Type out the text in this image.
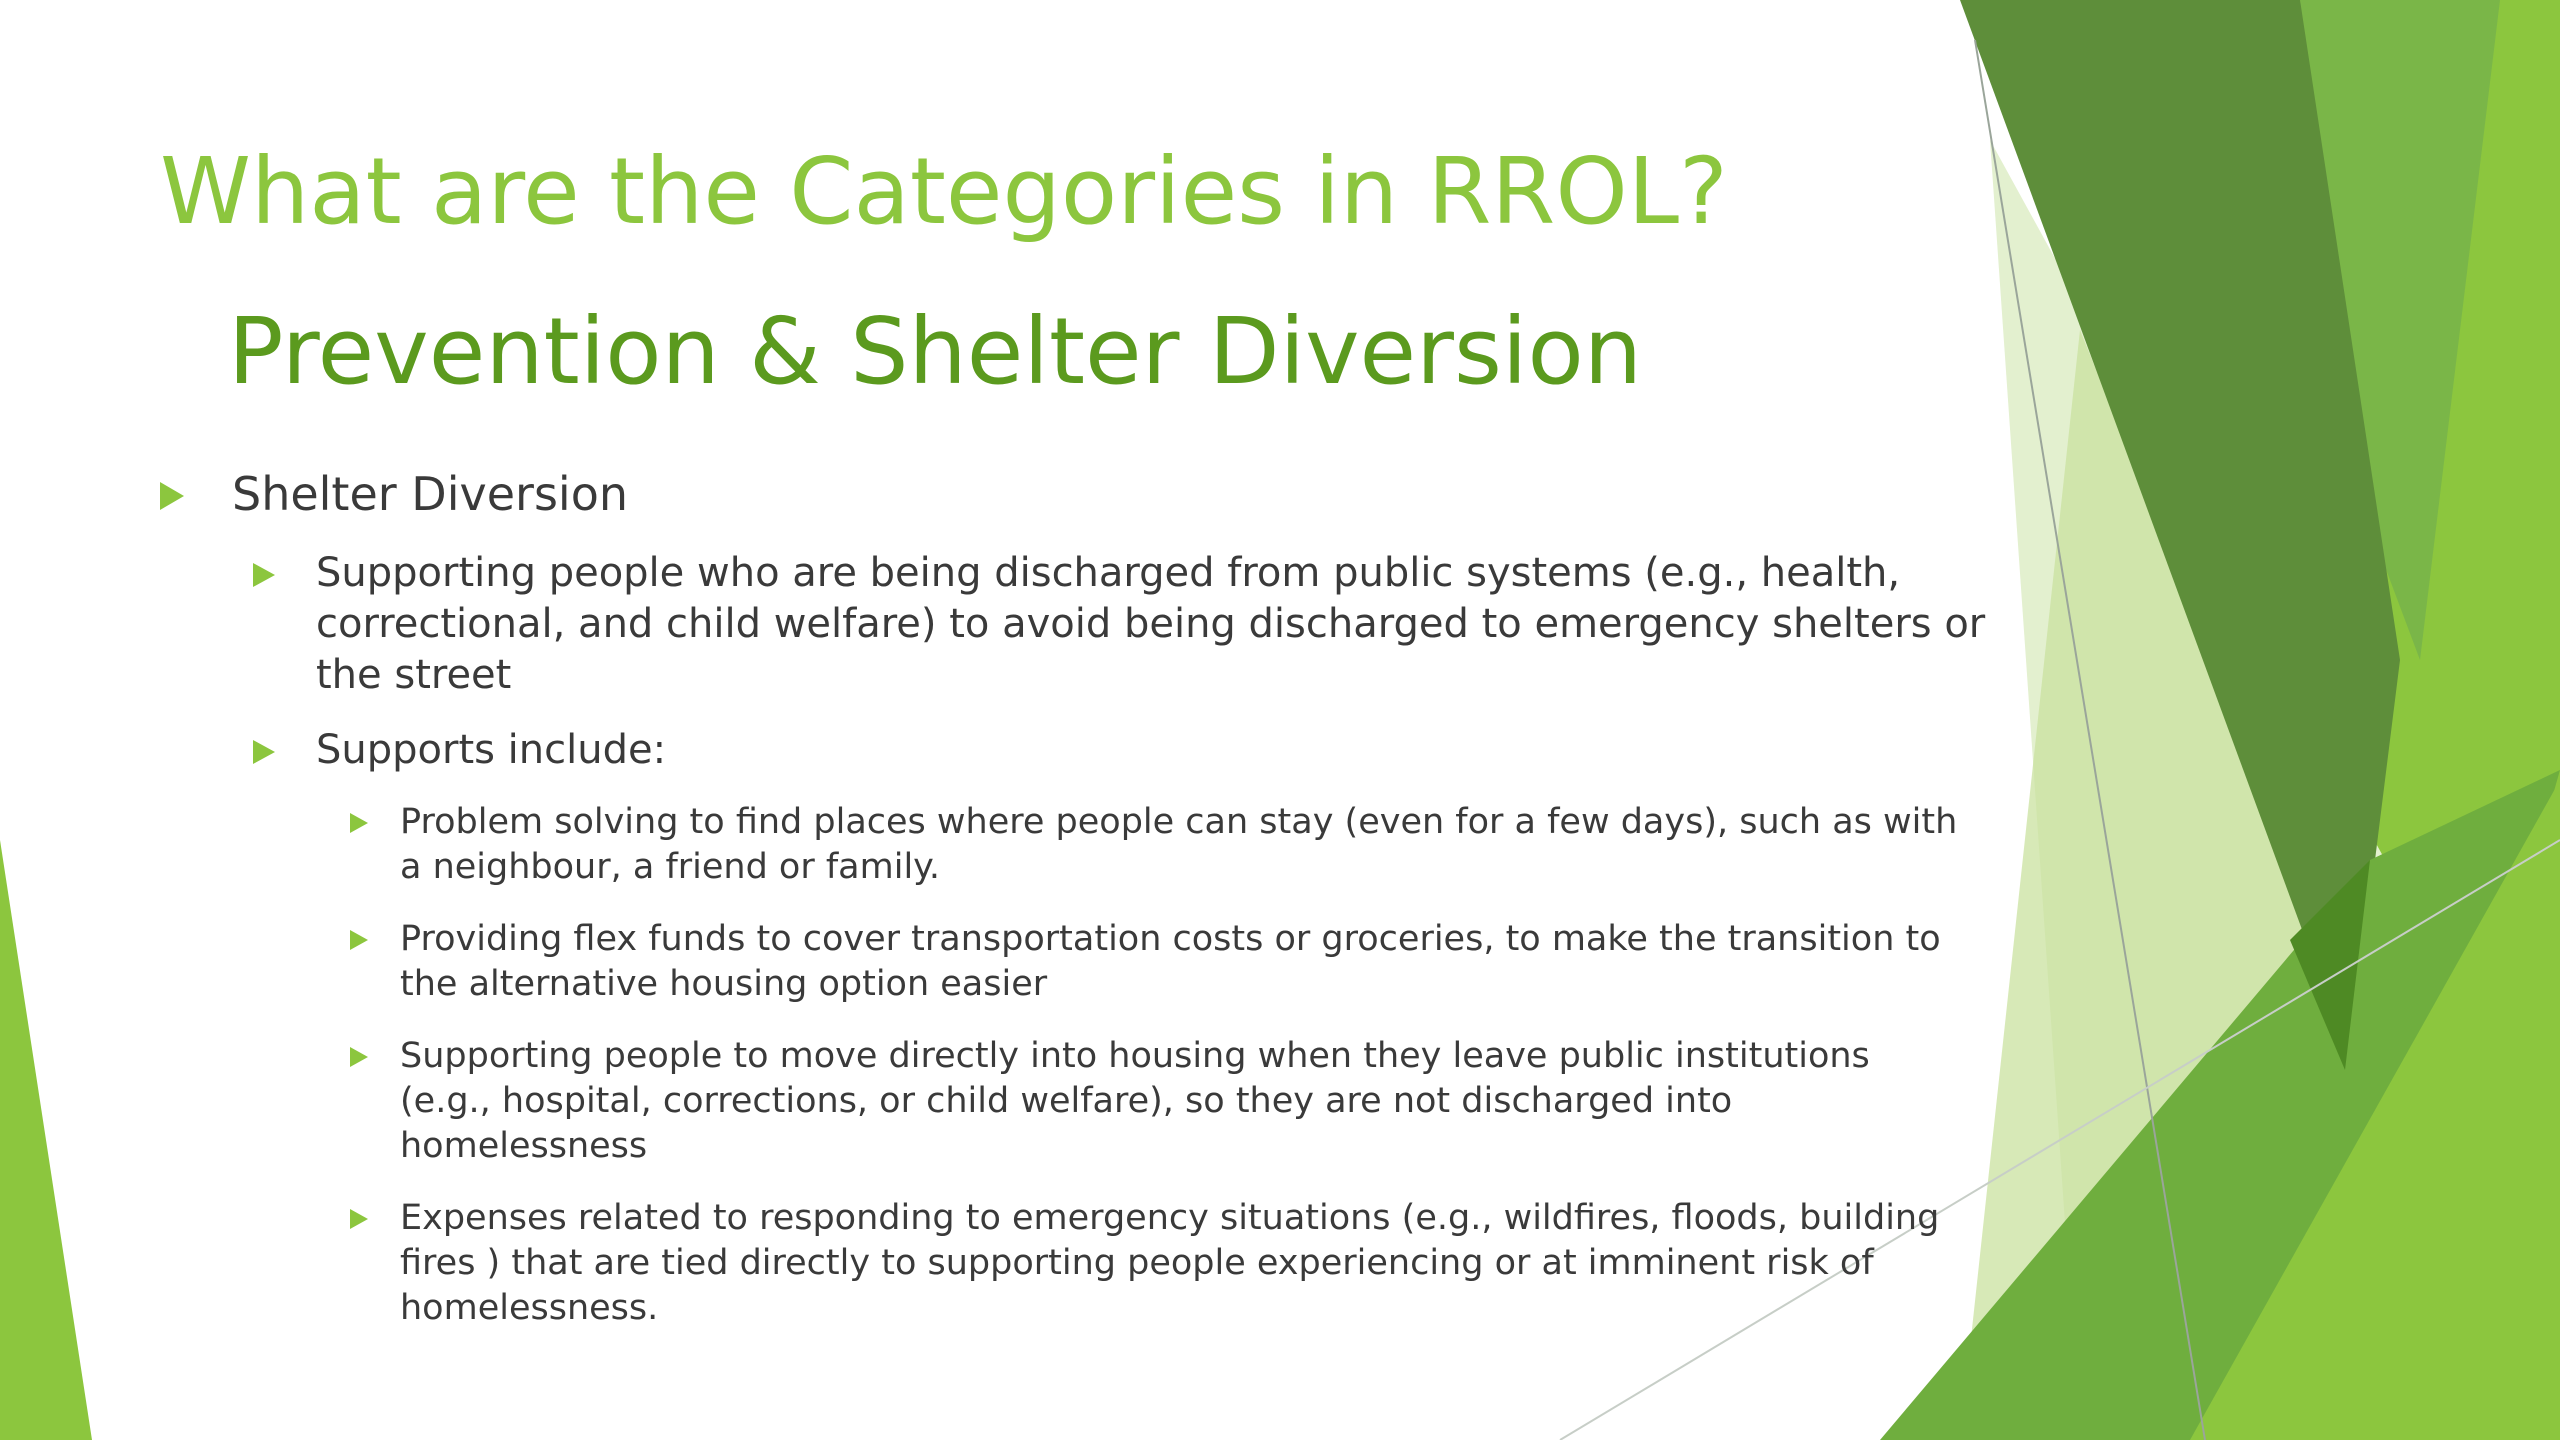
What are the Categories in RROL?
Prevention & Shelter Diversion
Shelter Diversion
Supporting people who are being discharged from public systems (e.g., health, correctional, and child welfare) to avoid being discharged to emergency shelters or the street
Supports include:
Problem solving to find places where people can stay (even for a few days), such as with a neighbour, a friend or family.
Providing flex funds to cover transportation costs or groceries, to make the transition to the alternative housing option easier
Supporting people to move directly into housing when they leave public institutions (e.g., hospital, corrections, or child welfare), so they are not discharged into homelessness
Expenses related to responding to emergency situations (e.g., wildfires, floods, building fires ) that are tied directly to supporting people experiencing or at imminent risk of homelessness.
